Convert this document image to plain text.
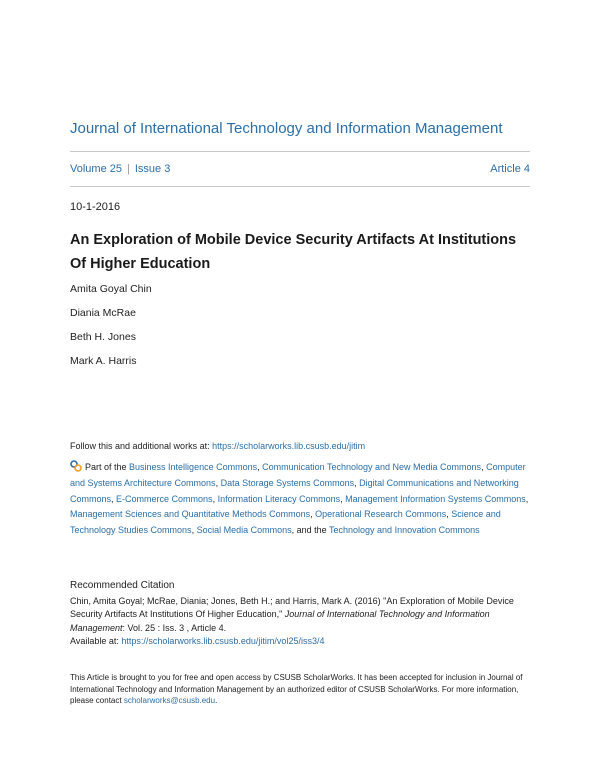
Journal of International Technology and Information Management
Volume 25 | Issue 3	Article 4
10-1-2016
An Exploration of Mobile Device Security Artifacts At Institutions Of Higher Education
Amita Goyal Chin
Diania McRae
Beth H. Jones
Mark A. Harris
Follow this and additional works at: https://scholarworks.lib.csusb.edu/jitim
Part of the Business Intelligence Commons, Communication Technology and New Media Commons, Computer and Systems Architecture Commons, Data Storage Systems Commons, Digital Communications and Networking Commons, E-Commerce Commons, Information Literacy Commons, Management Information Systems Commons, Management Sciences and Quantitative Methods Commons, Operational Research Commons, Science and Technology Studies Commons, Social Media Commons, and the Technology and Innovation Commons
Recommended Citation
Chin, Amita Goyal; McRae, Diania; Jones, Beth H.; and Harris, Mark A. (2016) "An Exploration of Mobile Device Security Artifacts At Institutions Of Higher Education," Journal of International Technology and Information Management: Vol. 25 : Iss. 3 , Article 4.
Available at: https://scholarworks.lib.csusb.edu/jitim/vol25/iss3/4
This Article is brought to you for free and open access by CSUSB ScholarWorks. It has been accepted for inclusion in Journal of International Technology and Information Management by an authorized editor of CSUSB ScholarWorks. For more information, please contact scholarworks@csusb.edu.
